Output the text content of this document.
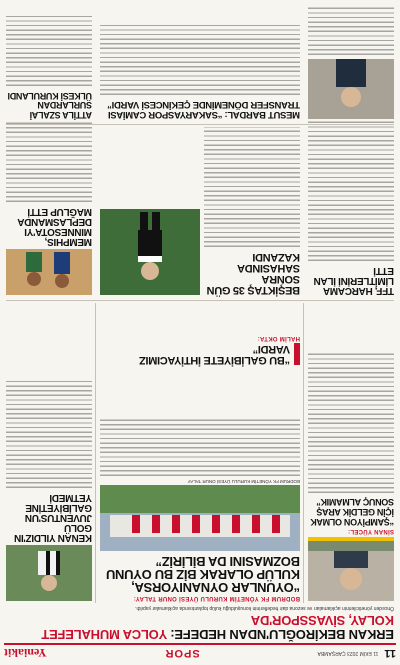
11
11 EKİM 2023 ÇARŞAMBA
SPOR
Yeniakit
ERKAN BEKİROĞLU'NDAN HEDEFE: YOLCA MUHALEFET KOLAY, SİVASSPOR'DA
Önceden yöneticilerinin açıklamaları ve sezona dair hedeflerinin konuşulduğu kulüp toplantısında açıklamalar yapıldı.
SİNAN YÜCEL:
“ŞAMPİYON OLMAK İÇİN GELDİK ARAŞ SONUÇ ALMAMIK”
BODRUM FK YÖNETİM KURULU ÜYESİ ONUR TALAY:
“OYUNLAR OYNANIYORSA,
KULÜP OLARAK BİZ BU OYUNU
BOZMASINI DA BİLİRİZ”
BODRUM FK YÖNETİM KURULU ÜYESİ ONUR TALAY
KENAN YILDIZ'IN GOLÜ JUVENTUS'UN GALİBİYETİNE YETMEDİ
“BU GALİBİYETE İHTİYACIMIZ VARDI”
HALİM OKTA:
TFF, HARCAMA LİMİTLERİNİ İLAN ETTİ
BEŞİKTAŞ 35 GÜN SONRA SAHASINDA KAZANDI
MEMPHIS, MINNESOTA'YI DEPLASMANDA MAĞLUP ETTİ
MESUT BARDAL: “SAKARYASPOR CAMİASI TRANSFER DÖNEMİNDE ÇEKİNCESİ VARDI”
ATTİLA SZALAİ SURLARDAN ÜLKESİ KURULANDI
